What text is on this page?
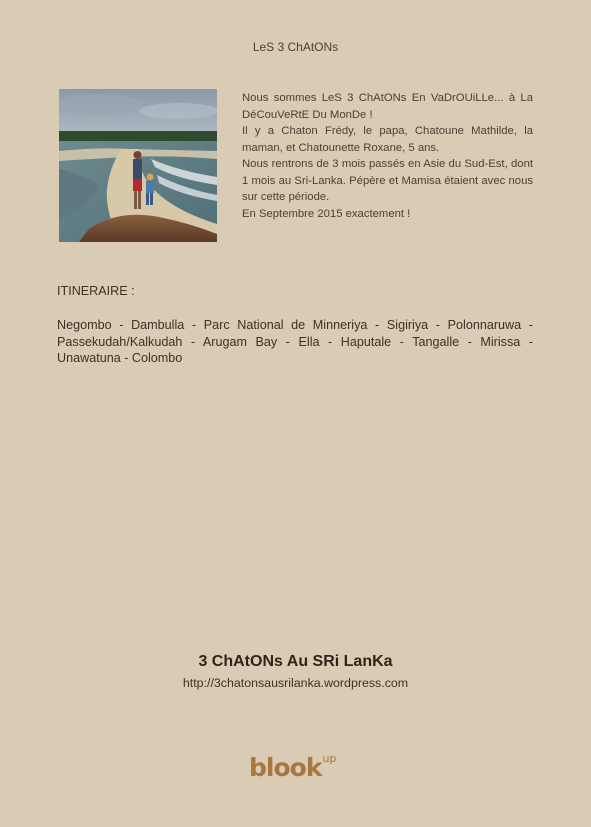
LeS 3 ChAtONs

Nous sommes LeS 3 ChAtONs En VaDrOUiLLe... à La DéCouVeRtE Du MonDe !

Il y a Chaton Frédy, le papa, Chatoune Mathilde, la maman, et Chatounette Roxane, 5 ans.

Nous rentrons de 3 mois passés en Asie du Sud-Est, dont 1 mois au Sri-Lanka. Pépère et Mamisa étaient avec nous sur cette période.

En Septembre 2015 exactement !

ITINERAIRE :
Negombo - Dambulla - Parc National de Minneriya - Sigiriya - Polonnaruwa - Passekudah/Kalkudah - Arugam Bay - Ella - Haputale - Tangalle - Mirissa - Unawatuna - Colombo
3 ChAtONs Au SRi LanKa
http://3chatonsausrilanka.wordpress.com
blook$^{up}$
